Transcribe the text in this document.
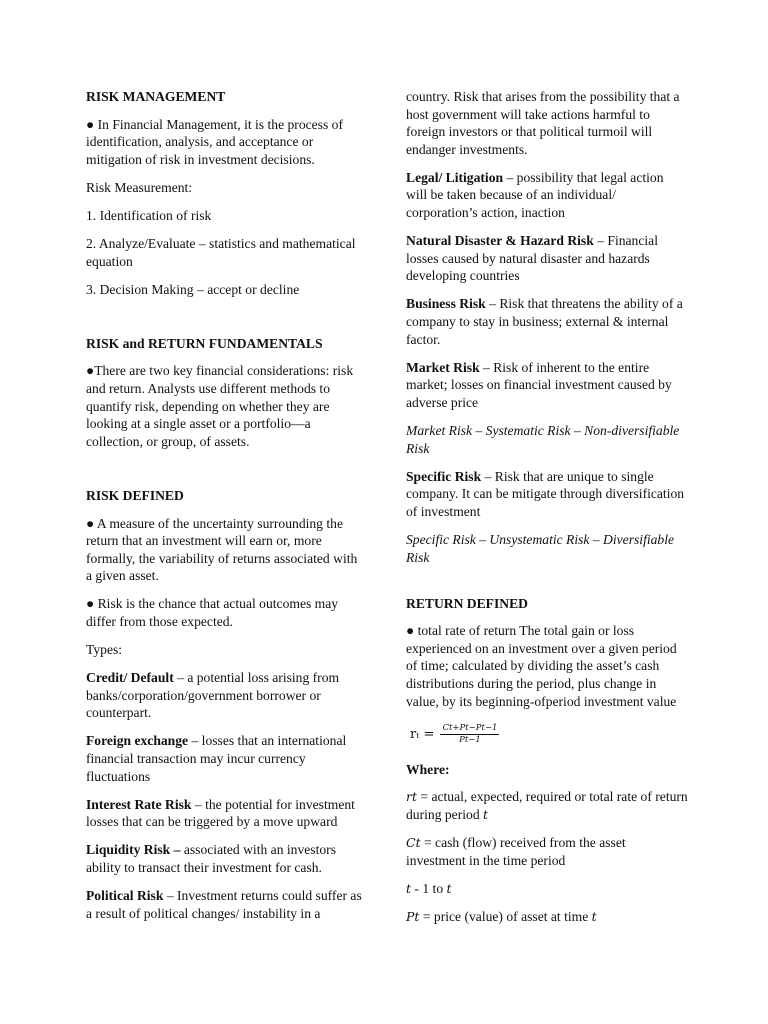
RISK MANAGEMENT

● In Financial Management, it is the process of identification, analysis, and acceptance or mitigation of risk in investment decisions.

Risk Measurement:

1. Identification of risk

2. Analyze/Evaluate – statistics and mathematical equation

3. Decision Making – accept or decline

RISK and RETURN FUNDAMENTALS

●There are two key financial considerations: risk and return. Analysts use different methods to quantify risk, depending on whether they are looking at a single asset or a portfolio—a collection, or group, of assets.

RISK DEFINED

● A measure of the uncertainty surrounding the return that an investment will earn or, more formally, the variability of returns associated with a given asset.

● Risk is the chance that actual outcomes may differ from those expected.

Types:

Credit/ Default – a potential loss arising from banks/corporation/government borrower or counterpart.

Foreign exchange – losses that an international financial transaction may incur currency fluctuations

Interest Rate Risk – the potential for investment losses that can be triggered by a move upward

Liquidity Risk – associated with an investors ability to transact their investment for cash.

Political Risk – Investment returns could suffer as a result of political changes/ instability in a

country. Risk that arises from the possibility that a host government will take actions harmful to foreign investors or that political turmoil will endanger investments.

Legal/ Litigation – possibility that legal action will be taken because of an individual/ corporation’s action, inaction

Natural Disaster & Hazard Risk – Financial losses caused by natural disaster and hazards developing countries

Business Risk – Risk that threatens the ability of a company to stay in business; external & internal factor.

Market Risk – Risk of inherent to the entire market; losses on financial investment caused by adverse price

Market Risk – Systematic Risk – Non-diversifiable Risk

Specific Risk – Risk that are unique to single company. It can be mitigate through diversification of investment

Specific Risk – Unsystematic Risk – Diversifiable Risk

RETURN DEFINED

● total rate of return The total gain or loss experienced on an investment over a given period of time; calculated by dividing the asset’s cash distributions during the period, plus change in value, by its beginning-ofperiod investment value

$r_t = \frac{Ct+Pt-Pt-1}{Pt-1}$

Where:

rt = actual, expected, required or total rate of return during period t

Ct = cash (flow) received from the asset investment in the time period

t - 1 to t

Pt = price (value) of asset at time t
